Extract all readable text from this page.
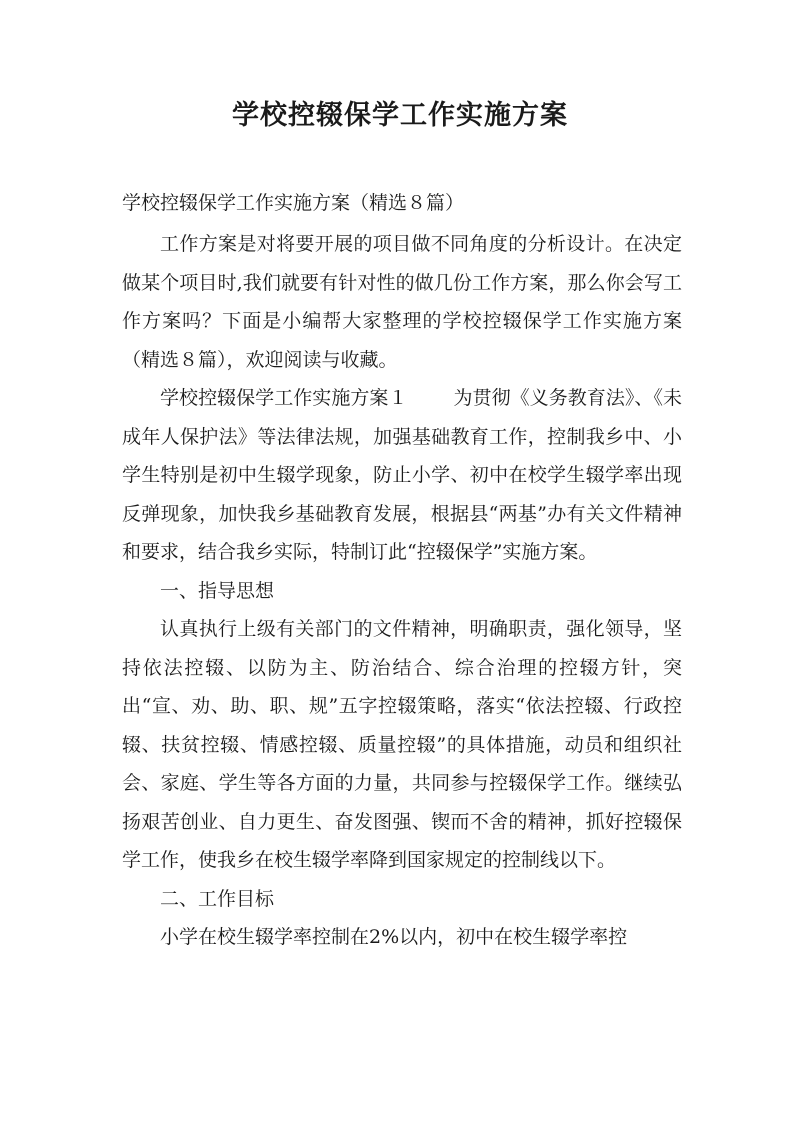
学校控辍保学工作实施方案

学校控辍保学工作实施方案（精选８篇）

工作方案是对将要开展的项目做不同角度的分析设计。在决定做某个项目时,我们就要有针对性的做几份工作方案，那么你会写工作方案吗？下面是小编帮大家整理的学校控辍保学工作实施方案（精选８篇），欢迎阅读与收藏。

学校控辍保学工作实施方案１ 为贯彻《义务教育法》、《未成年人保护法》等法律法规，加强基础教育工作，控制我乡中、小学生特别是初中生辍学现象，防止小学、初中在校学生辍学率出现反弹现象，加快我乡基础教育发展，根据县“两基”办有关文件精神和要求，结合我乡实际，特制订此“控辍保学”实施方案。

一、指导思想

认真执行上级有关部门的文件精神，明确职责，强化领导，坚持依法控辍、以防为主、防治结合、综合治理的控辍方针，突出“宣、劝、助、职、规”五字控辍策略，落实“依法控辍、行政控辍、扶贫控辍、情感控辍、质量控辍”的具体措施，动员和组织社会、家庭、学生等各方面的力量，共同参与控辍保学工作。继续弘扬艰苦创业、自力更生、奋发图强、锲而不舍的精神，抓好控辍保学工作，使我乡在校生辍学率降到国家规定的控制线以下。

二、工作目标

小学在校生辍学率控制在2%以内，初中在校生辍学率控
